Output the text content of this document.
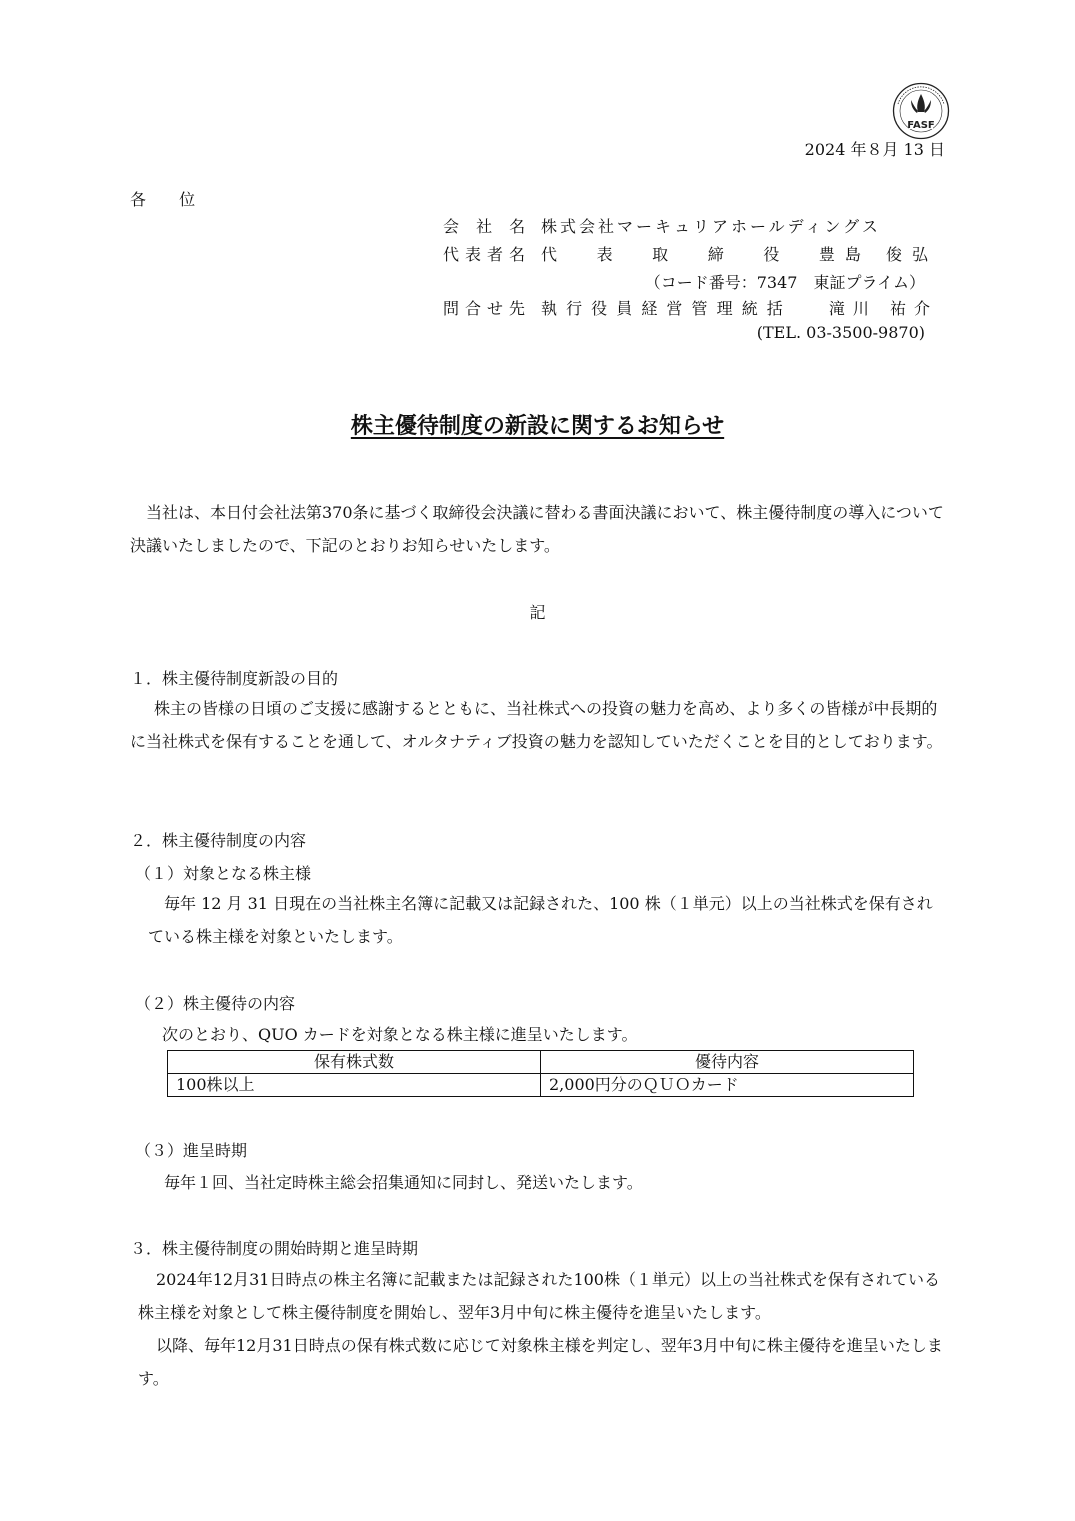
FASF
2024 年８月 13 日
各 位
会 社 名 株式会社マーキュリアホールディングス
代表者名 代 表 取 締 役 豊島 俊弘
（コード番号：7347　東証プライム）
問合せ先 執 行 役 員 経 営 管 理 統 括	滝川 祐介
(TEL. 03-3500-9870)
株主優待制度の新設に関するお知らせ
当社は、本日付会社法第370条に基づく取締役会決議に替わる書面決議において、株主優待制度の導入について決議いたしましたので、下記のとおりお知らせいたします。
記
１．株主優待制度新設の目的
株主の皆様の日頃のご支援に感謝するとともに、当社株式への投資の魅力を高め、より多くの皆様が中長期的に当社株式を保有することを通して、オルタナティブ投資の魅力を認知していただくことを目的としております。
２．株主優待制度の内容
（１）対象となる株主様
毎年 12 月 31 日現在の当社株主名簿に記載又は記録された、100 株（１単元）以上の当社株式を保有されている株主様を対象といたします。
（２）株主優待の内容
次のとおり、QUO カードを対象となる株主様に進呈いたします。
保有株式数	優待内容
100株以上	2,000円分のＱＵＯカード
（３）進呈時期
毎年１回、当社定時株主総会招集通知に同封し、発送いたします。
３．株主優待制度の開始時期と進呈時期
2024年12月31日時点の株主名簿に記載または記録された100株（１単元）以上の当社株式を保有されている株主様を対象として株主優待制度を開始し、翌年3月中旬に株主優待を進呈いたします。
以降、毎年12月31日時点の保有株式数に応じて対象株主様を判定し、翌年3月中旬に株主優待を進呈いたします。
